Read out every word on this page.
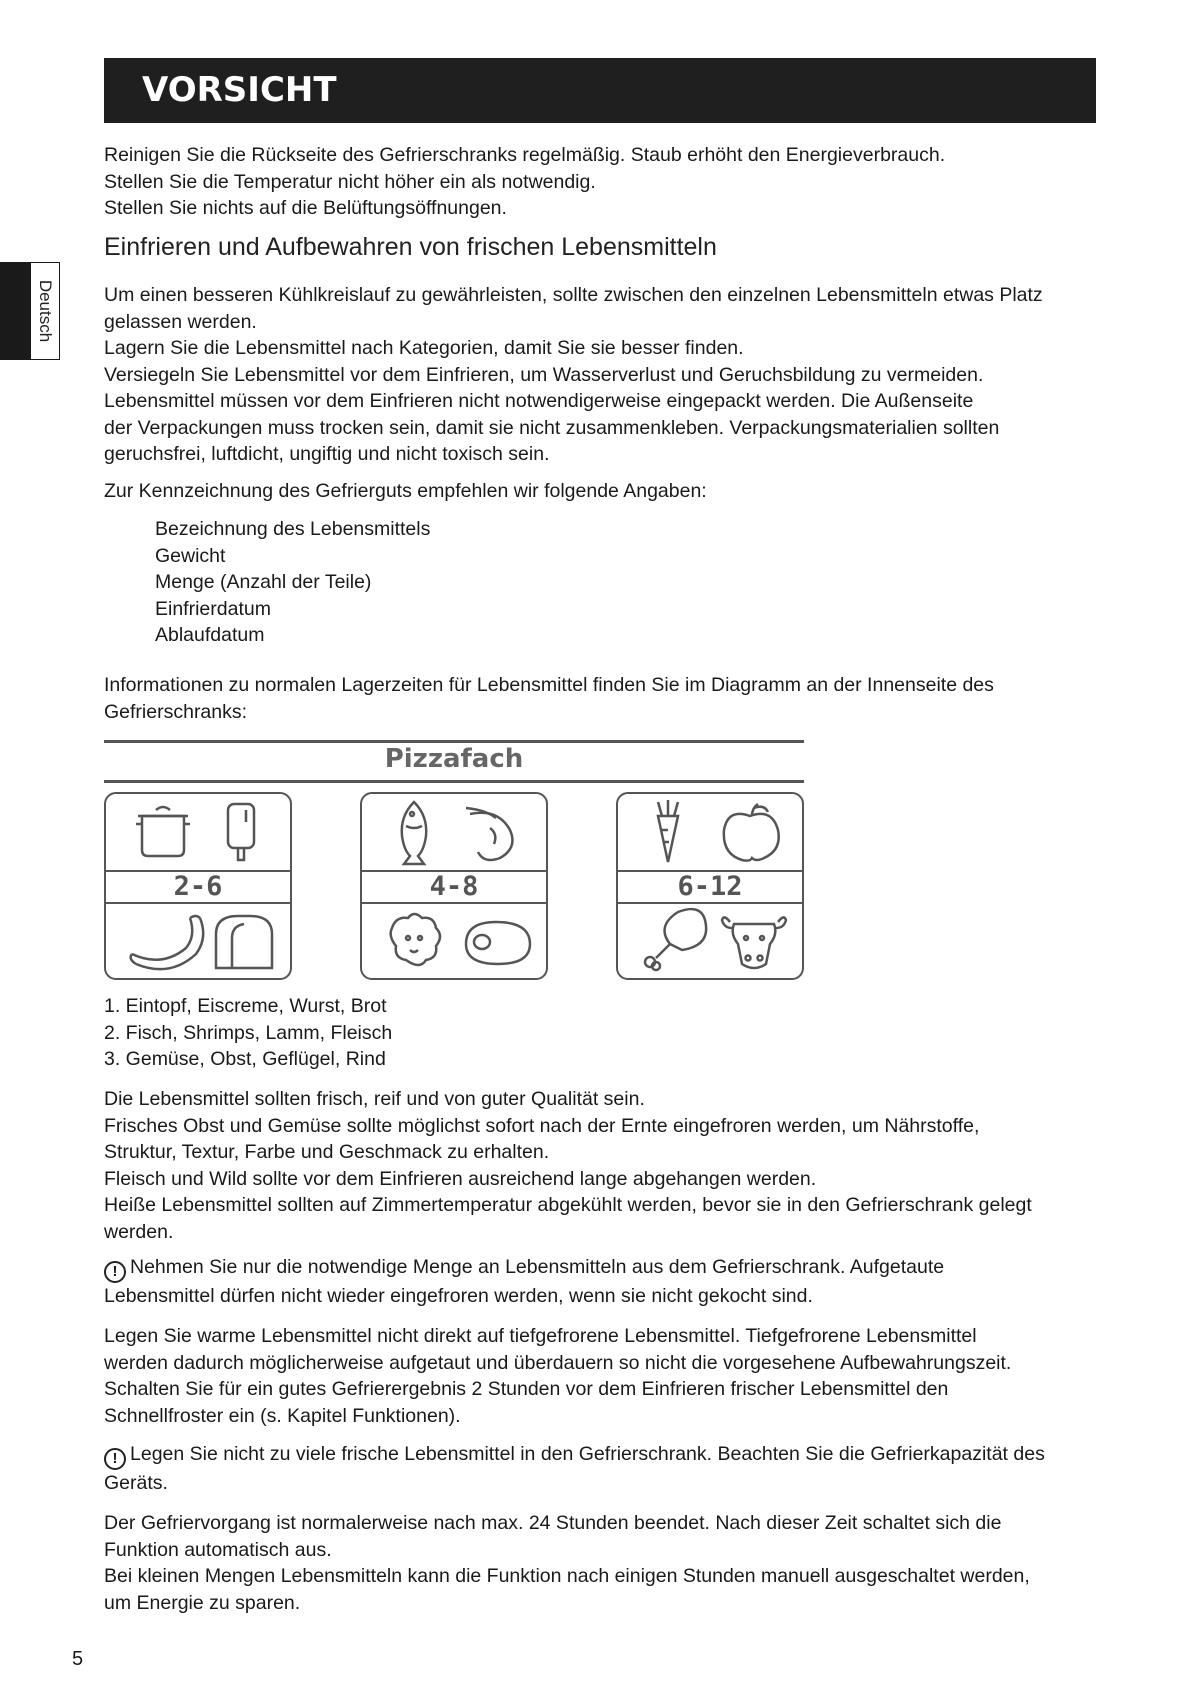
VORSICHT
Deutsch

Reinigen Sie die Rückseite des Gefrierschranks regelmäßig. Staub erhöht den Energieverbrauch.

Stellen Sie die Temperatur nicht höher ein als notwendig.

Stellen Sie nichts auf die Belüftungsöffnungen.

Einfrieren und Aufbewahren von frischen Lebensmitteln

Um einen besseren Kühlkreislauf zu gewährleisten, sollte zwischen den einzelnen Lebensmitteln etwas Platz

gelassen werden.

Lagern Sie die Lebensmittel nach Kategorien, damit Sie sie besser finden.

Versiegeln Sie Lebensmittel vor dem Einfrieren, um Wasserverlust und Geruchsbildung zu vermeiden.

Lebensmittel müssen vor dem Einfrieren nicht notwendigerweise eingepackt werden. Die Außenseite

der Verpackungen muss trocken sein, damit sie nicht zusammenkleben. Verpackungsmaterialien sollten

geruchsfrei, luftdicht, ungiftig und nicht toxisch sein.

Zur Kennzeichnung des Gefrierguts empfehlen wir folgende Angaben:

Bezeichnung des Lebensmittels

Gewicht

Menge (Anzahl der Teile)

Einfrierdatum

Ablaufdatum

Informationen zu normalen Lagerzeiten für Lebensmittel finden Sie im Diagramm an der Innenseite des

Gefrierschranks:

Pizzafach
2-6	4-8	6-12

1. Eintopf, Eiscreme, Wurst, Brot

2. Fisch, Shrimps, Lamm, Fleisch

3. Gemüse, Obst, Geflügel, Rind

Die Lebensmittel sollten frisch, reif und von guter Qualität sein.

Frisches Obst und Gemüse sollte möglichst sofort nach der Ernte eingefroren werden, um Nährstoffe,

Struktur, Textur, Farbe und Geschmack zu erhalten.

Fleisch und Wild sollte vor dem Einfrieren ausreichend lange abgehangen werden.

Heiße Lebensmittel sollten auf Zimmertemperatur abgekühlt werden, bevor sie in den Gefrierschrank gelegt

werden.

! Nehmen Sie nur die notwendige Menge an Lebensmitteln aus dem Gefrierschrank. Aufgetaute

Lebensmittel dürfen nicht wieder eingefroren werden, wenn sie nicht gekocht sind.

Legen Sie warme Lebensmittel nicht direkt auf tiefgefrorene Lebensmittel. Tiefgefrorene Lebensmittel

werden dadurch möglicherweise aufgetaut und überdauern so nicht die vorgesehene Aufbewahrungszeit.

Schalten Sie für ein gutes Gefrierergebnis 2 Stunden vor dem Einfrieren frischer Lebensmittel den

Schnellfroster ein (s. Kapitel Funktionen).

! Legen Sie nicht zu viele frische Lebensmittel in den Gefrierschrank. Beachten Sie die Gefrierkapazität des

Geräts.

Der Gefriervorgang ist normalerweise nach max. 24 Stunden beendet. Nach dieser Zeit schaltet sich die

Funktion automatisch aus.

Bei kleinen Mengen Lebensmitteln kann die Funktion nach einigen Stunden manuell ausgeschaltet werden,

um Energie zu sparen.

5
